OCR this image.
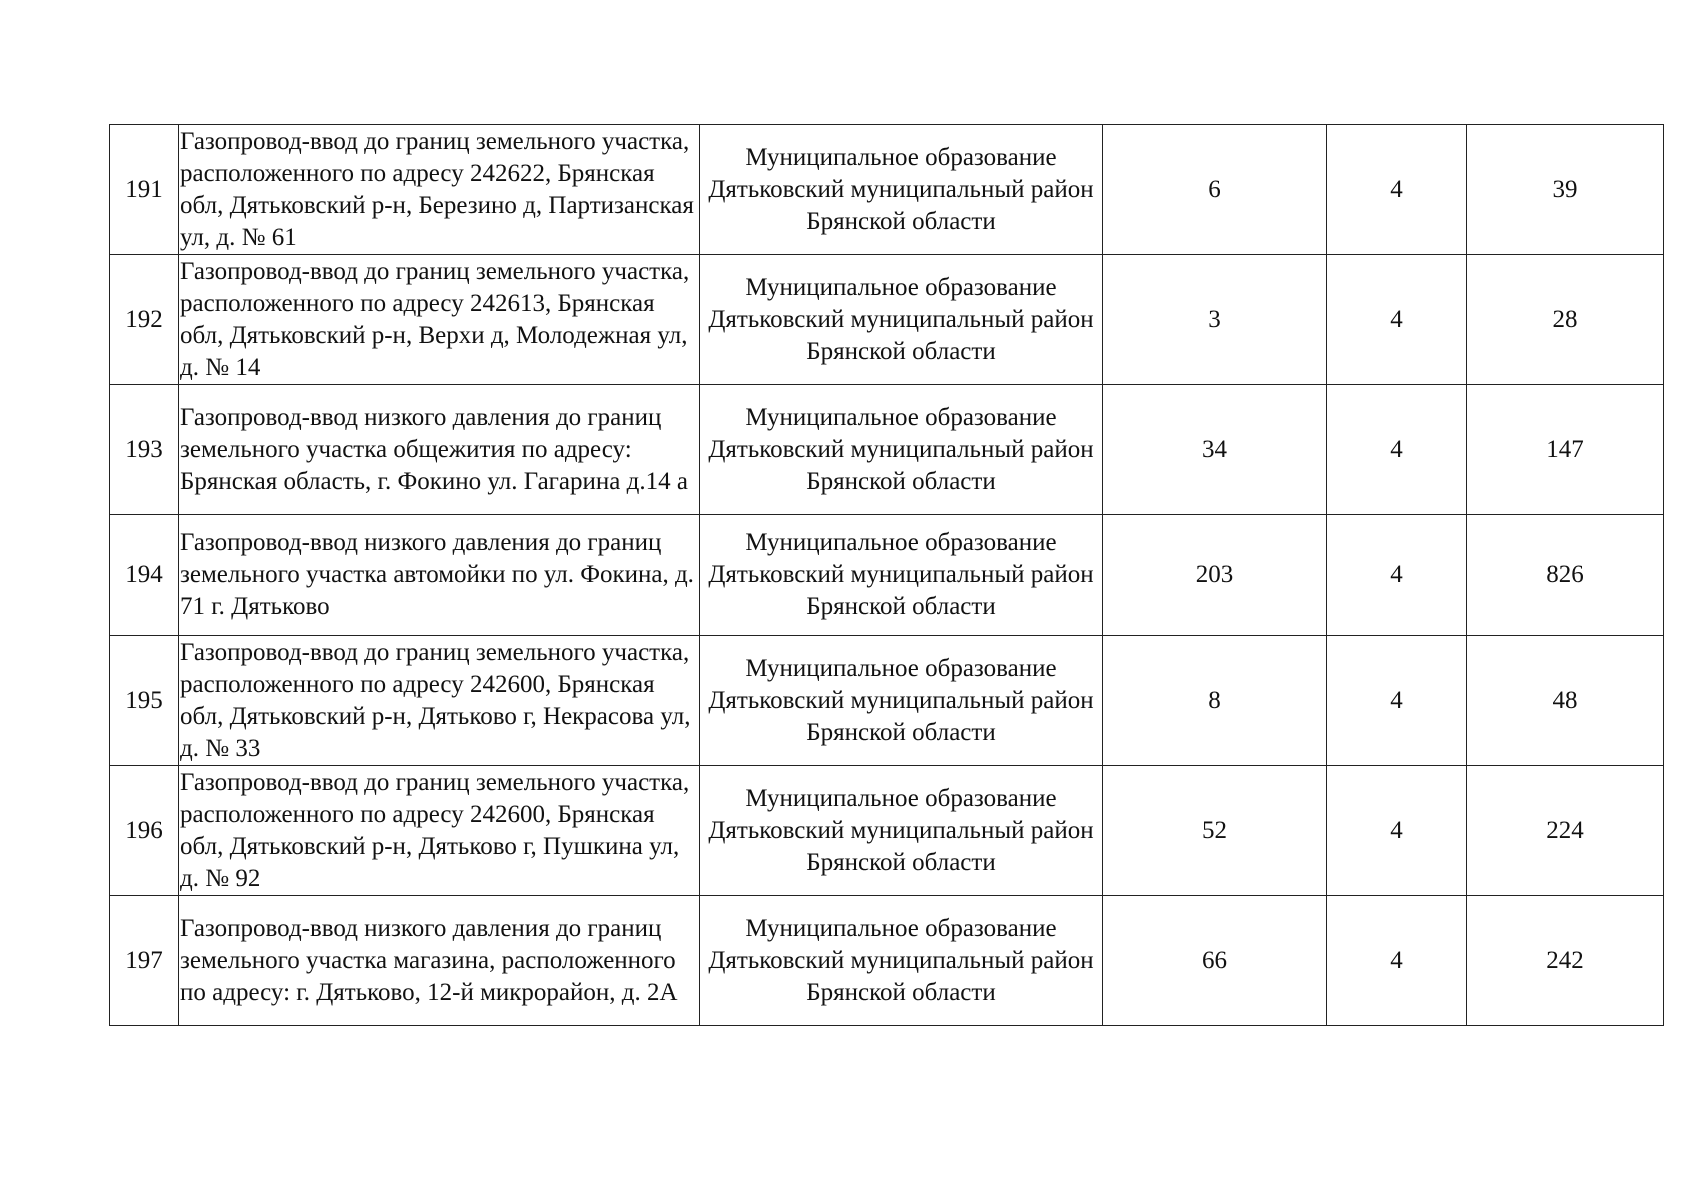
191	Газопровод-ввод до границ земельного участка, расположенного по адресу 242622, Брянская обл, Дятьковский р-н, Березино д, Партизанская ул, д. № 61	Муниципальное образование Дятьковский муниципальный район Брянской области	6	4	39
192	Газопровод-ввод до границ земельного участка, расположенного по адресу 242613, Брянская обл, Дятьковский р-н, Верхи д, Молодежная ул, д. № 14	Муниципальное образование Дятьковский муниципальный район Брянской области	3	4	28
193	Газопровод-ввод низкого давления до границ земельного участка общежития по адресу: Брянская область, г. Фокино ул. Гагарина д.14 а	Муниципальное образование Дятьковский муниципальный район Брянской области	34	4	147
194	Газопровод-ввод низкого давления до границ земельного участка автомойки по ул. Фокина, д. 71 г. Дятьково	Муниципальное образование Дятьковский муниципальный район Брянской области	203	4	826
195	Газопровод-ввод до границ земельного участка, расположенного по адресу 242600, Брянская обл, Дятьковский р-н, Дятьково г, Некрасова ул, д. № 33	Муниципальное образование Дятьковский муниципальный район Брянской области	8	4	48
196	Газопровод-ввод до границ земельного участка, расположенного по адресу 242600, Брянская обл, Дятьковский р-н, Дятьково г, Пушкина ул, д. № 92	Муниципальное образование Дятьковский муниципальный район Брянской области	52	4	224
197	Газопровод-ввод низкого давления до границ земельного участка магазина, расположенного по адресу: г. Дятьково, 12-й микрорайон, д. 2А	Муниципальное образование Дятьковский муниципальный район Брянской области	66	4	242
